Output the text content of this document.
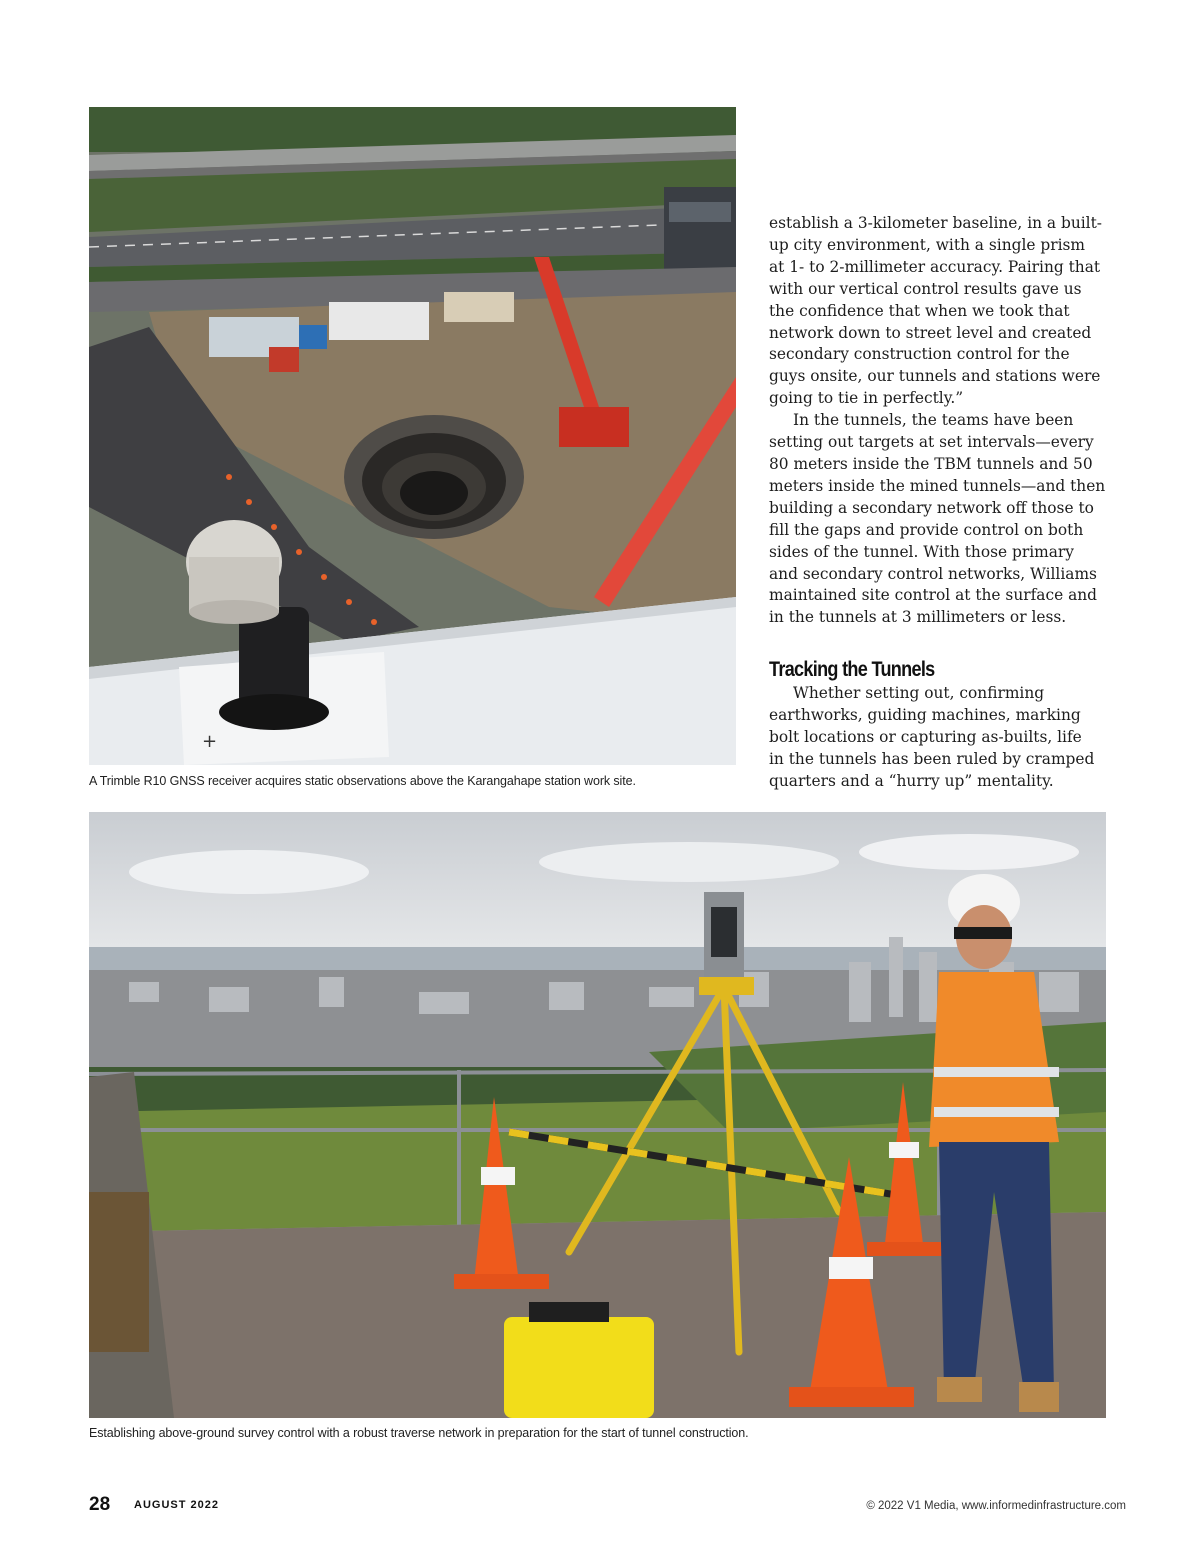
+
A Trimble R10 GNSS receiver acquires static observations above the Karangahape station work site.

establish a 3-kilometer baseline, in a built-
up city environment, with a single prism
at 1- to 2-millimeter accuracy. Pairing that
with our vertical control results gave us
the confidence that when we took that
network down to street level and created
secondary construction control for the
guys onsite, our tunnels and stations were
going to tie in perfectly.”

In the tunnels, the teams have been
setting out targets at set intervals—every
80 meters inside the TBM tunnels and 50
meters inside the mined tunnels—and then
building a secondary network off those to
fill the gaps and provide control on both
sides of the tunnel. With those primary
and secondary control networks, Williams
maintained site control at the surface and
in the tunnels at 3 millimeters or less.

Tracking the Tunnels

Whether setting out, confirming
earthworks, guiding machines, marking
bolt locations or capturing as-builts, life
in the tunnels has been ruled by cramped
quarters and a “hurry up” mentality.

Establishing above-ground survey control with a robust traverse network in preparation for the start of tunnel construction.
28 AUGUST 2022	© 2022 V1 Media, www.informedinfrastructure.com
